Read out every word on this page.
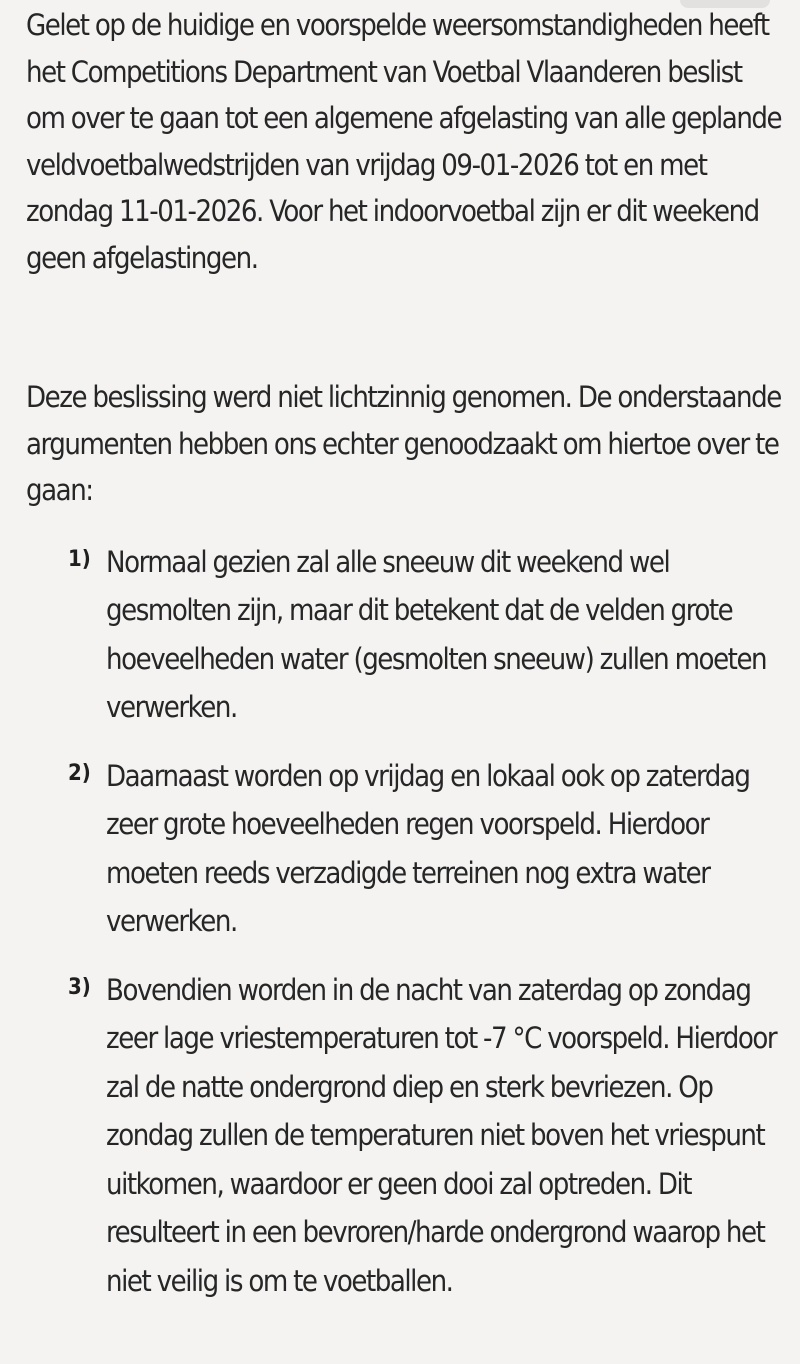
Gelet op de huidige en voorspelde weersomstandigheden heeft het Competitions Department van Voetbal Vlaanderen beslist om over te gaan tot een algemene afgelasting van alle geplande veldvoetbalwedstrijden van vrijdag 09-01-2026 tot en met zondag 11-01-2026. Voor het indoorvoetbal zijn er dit weekend geen afgelastingen.

Deze beslissing werd niet lichtzinnig genomen. De onderstaande argumenten hebben ons echter genoodzaakt om hiertoe over te gaan:

1) Normaal gezien zal alle sneeuw dit weekend wel gesmolten zijn, maar dit betekent dat de velden grote hoeveelheden water (gesmolten sneeuw) zullen moeten verwerken.
2) Daarnaast worden op vrijdag en lokaal ook op zaterdag zeer grote hoeveelheden regen voorspeld. Hierdoor moeten reeds verzadigde terreinen nog extra water verwerken.
3) Bovendien worden in de nacht van zaterdag op zondag zeer lage vriestemperaturen tot -7 °C voorspeld. Hierdoor zal de natte ondergrond diep en sterk bevriezen. Op zondag zullen de temperaturen niet boven het vriespunt uitkomen, waardoor er geen dooi zal optreden. Dit resulteert in een bevroren/harde ondergrond waarop het niet veilig is om te voetballen.
